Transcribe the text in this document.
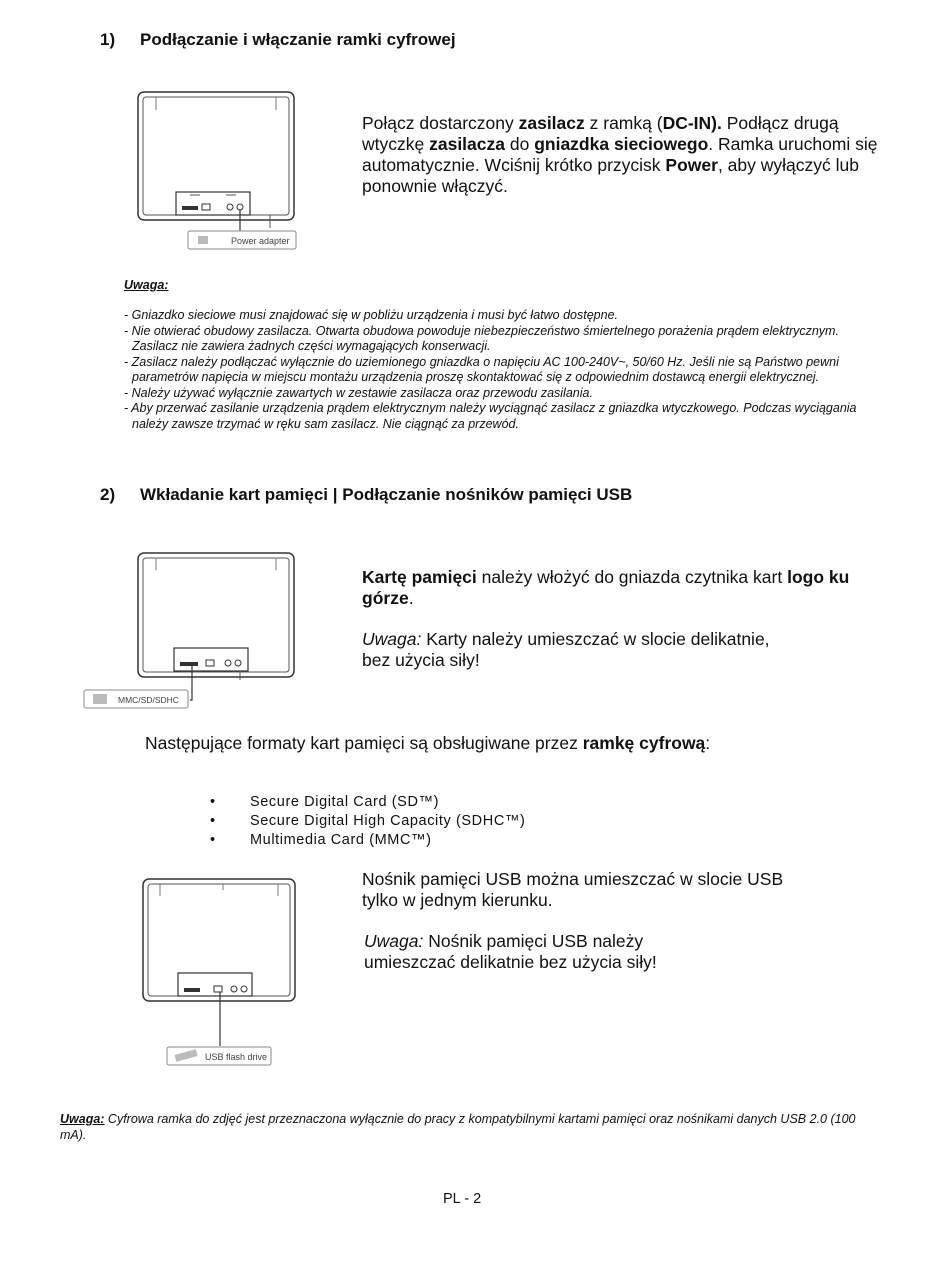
1) Podłączanie i włączanie ramki cyfrowej
Power adapter
Połącz dostarczony zasilacz z ramką (DC-IN). Podłącz drugą wtyczkę zasilacza do gniazdka sieciowego. Ramka uruchomi się automatycznie. Wciśnij krótko przycisk Power, aby wyłączyć lub ponownie włączyć.
Uwaga:
- Gniazdko sieciowe musi znajdować się w pobliżu urządzenia i musi być łatwo dostępne.
- Nie otwierać obudowy zasilacza. Otwarta obudowa powoduje niebezpieczeństwo śmiertelnego porażenia prądem elektrycznym. Zasilacz nie zawiera żadnych części wymagających konserwacji.
- Zasilacz należy podłączać wyłącznie do uziemionego gniazdka o napięciu AC 100-240V~, 50/60 Hz. Jeśli nie są Państwo pewni parametrów napięcia w miejscu montażu urządzenia proszę skontaktować się z odpowiednim dostawcą energii elektrycznej.
- Należy używać wyłącznie zawartych w zestawie zasilacza oraz przewodu zasilania.
- Aby przerwać zasilanie urządzenia prądem elektrycznym należy wyciągnąć zasilacz z gniazdka wtyczkowego. Podczas wyciągania należy zawsze trzymać w ręku sam zasilacz. Nie ciągnąć za przewód.
2) Wkładanie kart pamięci | Podłączanie nośników pamięci USB
MMC/SD/SDHC
Kartę pamięci należy włożyć do gniazda czytnika kart logo ku górze.
Uwaga: Karty należy umieszczać w slocie delikatnie, bez użycia siły!
Następujące formaty kart pamięci są obsługiwane przez ramkę cyfrową:
•	Secure Digital Card (SD™)
•	Secure Digital High Capacity (SDHC™)
•	Multimedia Card (MMC™)
USB flash drive
Nośnik pamięci USB można umieszczać w slocie USB tylko w jednym kierunku.
Uwaga: Nośnik pamięci USB należy umieszczać delikatnie bez użycia siły!
Uwaga: Cyfrowa ramka do zdjęć jest przeznaczona wyłącznie do pracy z kompatybilnymi kartami pamięci oraz nośnikami danych USB 2.0 (100 mA).
PL - 2
